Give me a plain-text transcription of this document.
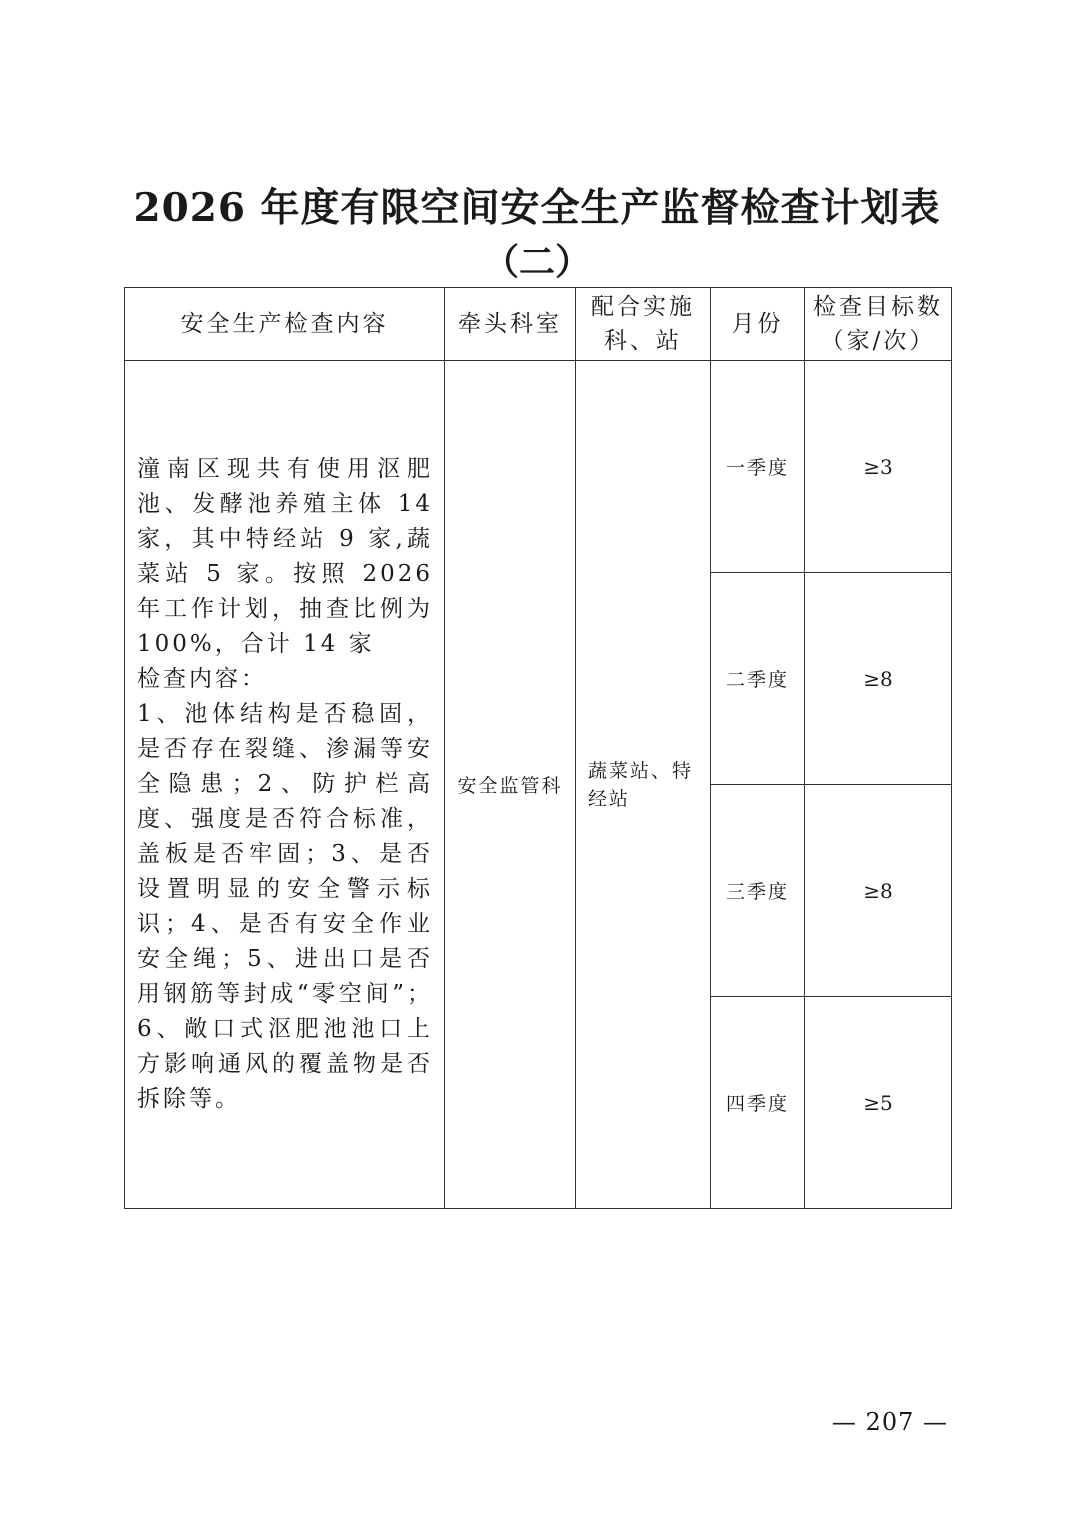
2026 年度有限空间安全生产监督检查计划表
（二）
安全生产检查内容	牵头科室	配合实施科、站	月份	检查目标数（家/次）

潼南区现共有使用沤肥池、发酵池养殖主体 14 家，其中特经站 9 家,蔬菜站 5 家。按照 2026 年工作计划，抽查比例为 100%，合计 14 家

检查内容：

1、池体结构是否稳固，是否存在裂缝、渗漏等安全隐患；2、防护栏高度、强度是否符合标准，盖板是否牢固；3、是否设置明显的安全警示标识；4、是否有安全作业安全绳；5、进出口是否用钢筋等封成“零空间”；6、敞口式沤肥池池口上方影响通风的覆盖物是否拆除等。	安全监管科	蔬菜站、特经站	一季度	≥3
			二季度	≥8
			三季度	≥8
			四季度	≥5
— 207 —
